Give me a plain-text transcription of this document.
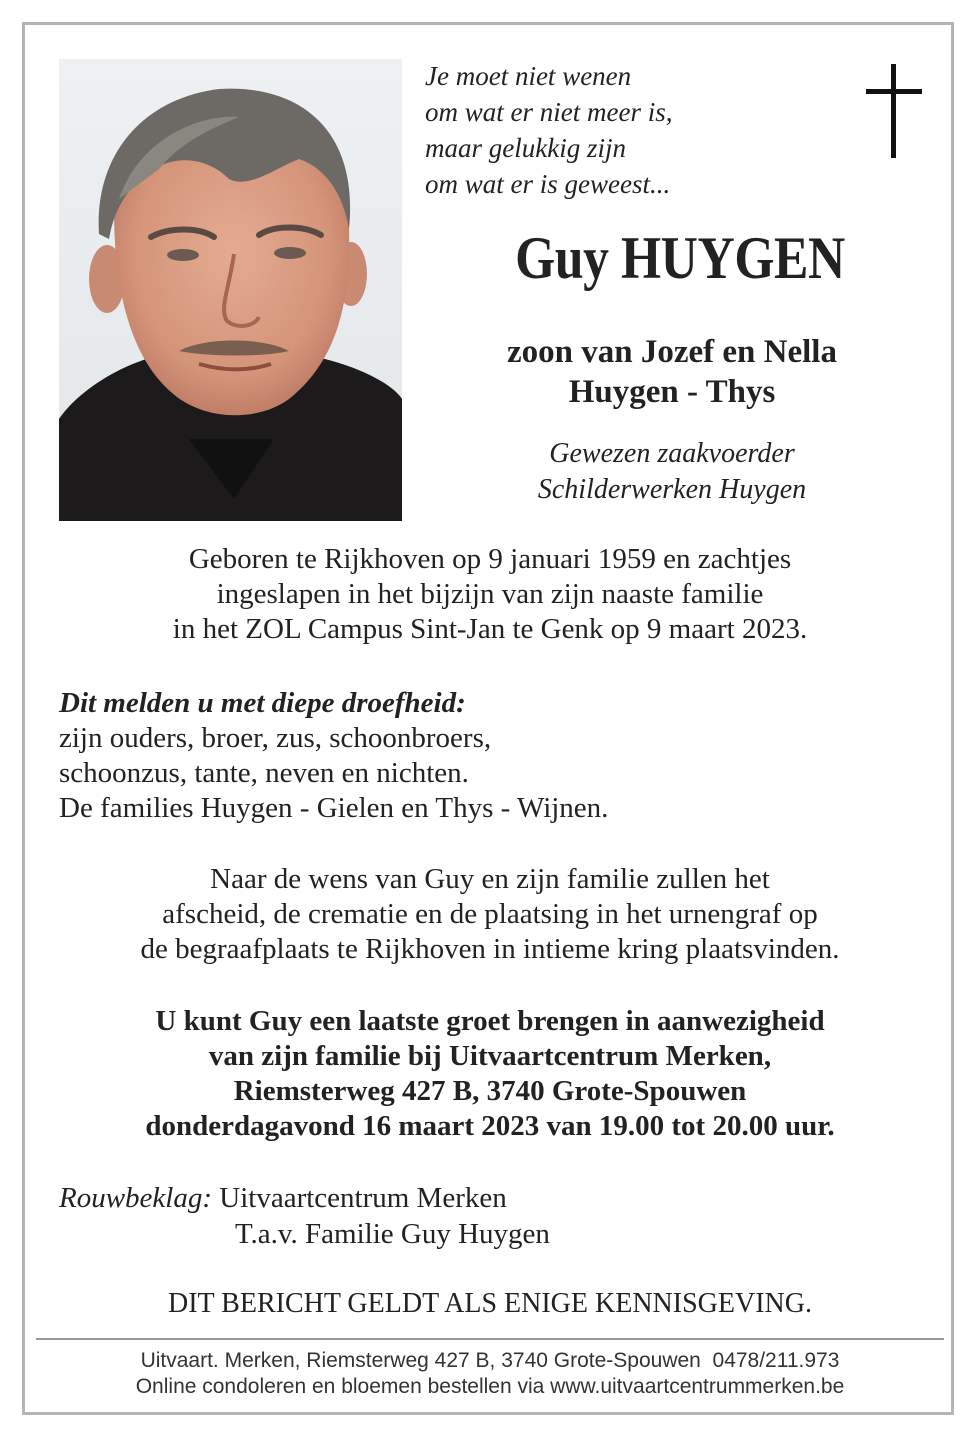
Je moet niet wenen
om wat er niet meer is,
maar gelukkig zijn
om wat er is geweest...
Guy HUYGEN
zoon van Jozef en Nella
Huygen - Thys
Gewezen zaakvoerder
Schilderwerken Huygen
Geboren te Rijkhoven op 9 januari 1959 en zachtjes
ingeslapen in het bijzijn van zijn naaste familie
in het ZOL Campus Sint-Jan te Genk op 9 maart 2023.
Dit melden u met diepe droefheid:
zijn ouders, broer, zus, schoonbroers,
schoonzus, tante, neven en nichten.
De families Huygen - Gielen en Thys - Wijnen.
Naar de wens van Guy en zijn familie zullen het
afscheid, de crematie en de plaatsing in het urnengraf op
de begraafplaats te Rijkhoven in intieme kring plaatsvinden.
U kunt Guy een laatste groet brengen in aanwezigheid
van zijn familie bij Uitvaartcentrum Merken,
Riemsterweg 427 B, 3740 Grote-Spouwen
donderdagavond 16 maart 2023 van 19.00 tot 20.00 uur.
Rouwbeklag: Uitvaartcentrum Merken
T.a.v. Familie Guy Huygen
DIT BERICHT GELDT ALS ENIGE KENNISGEVING.
Uitvaart. Merken, Riemsterweg 427 B, 3740 Grote-Spouwen  0478/211.973
Online condoleren en bloemen bestellen via www.uitvaartcentrummerken.be
